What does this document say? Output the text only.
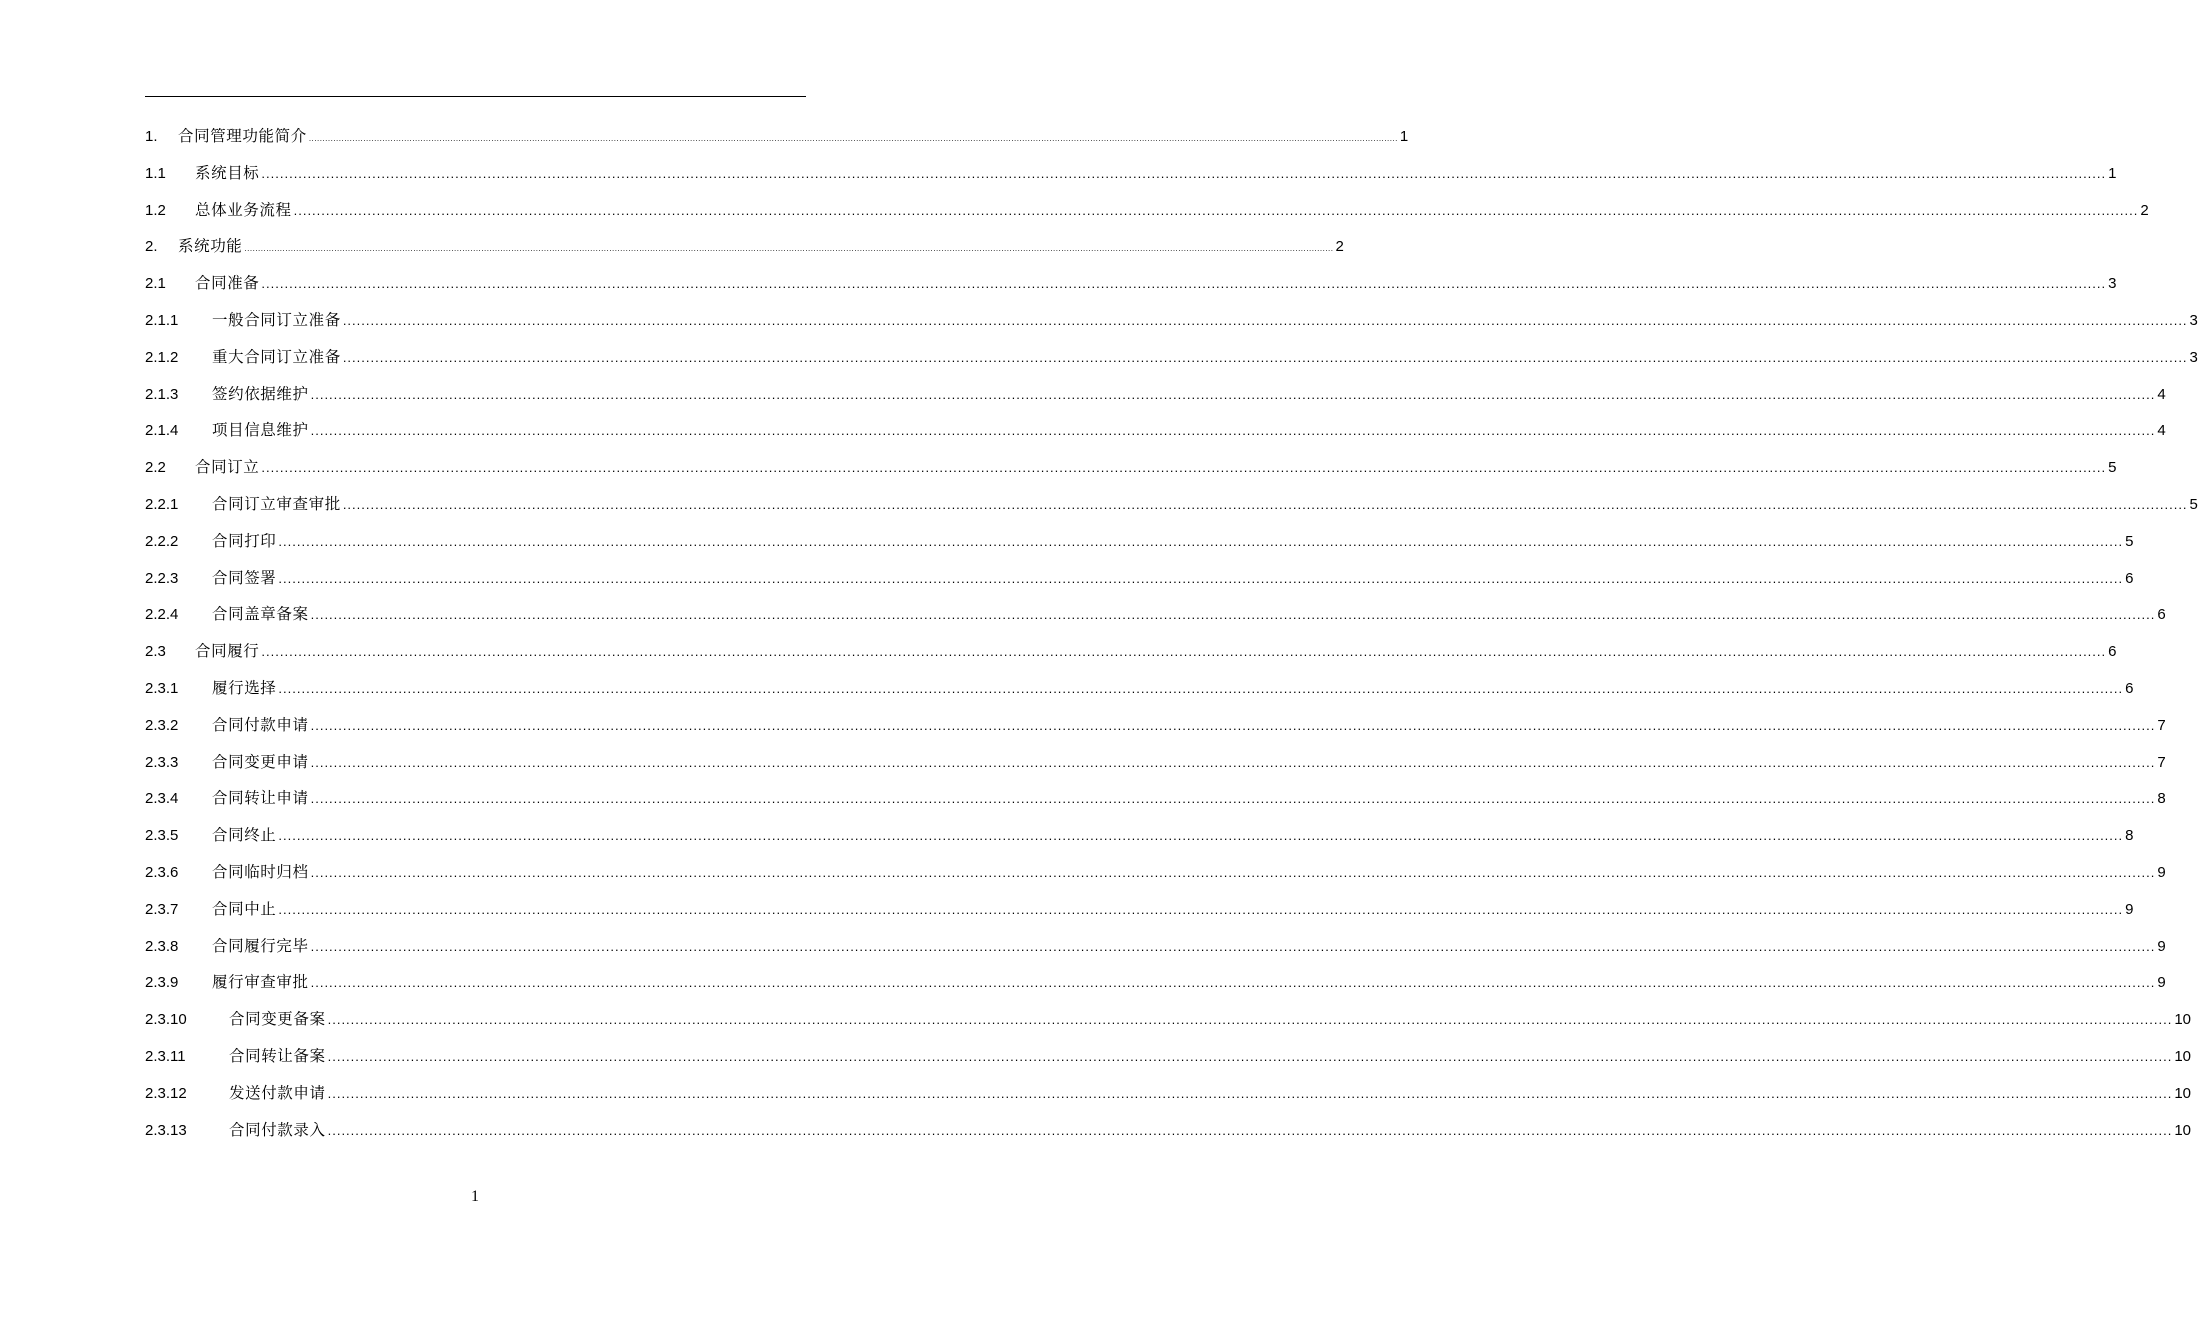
1.	合同管理功能简介 ................................................................................................................................................................................................................................................................................................................................................................................................................ 1
1.1	系统目标 ................................................................................................................................................................................................................................................................................................................................................................................................................ 1
1.2	总体业务流程 ................................................................................................................................................................................................................................................................................................................................................................................................................ 2
2.	系统功能 ................................................................................................................................................................................................................................................................................................................................................................................................................ 2
2.1	合同准备 ................................................................................................................................................................................................................................................................................................................................................................................................................ 3
2.1.1	一般合同订立准备 ................................................................................................................................................................................................................................................................................................................................................................................................................ 3
2.1.2	重大合同订立准备 ................................................................................................................................................................................................................................................................................................................................................................................................................ 3
2.1.3	签约依据维护 ................................................................................................................................................................................................................................................................................................................................................................................................................ 4
2.1.4	项目信息维护 ................................................................................................................................................................................................................................................................................................................................................................................................................ 4
2.2	合同订立 ................................................................................................................................................................................................................................................................................................................................................................................................................ 5
2.2.1	合同订立审查审批 ................................................................................................................................................................................................................................................................................................................................................................................................................ 5
2.2.2	合同打印 ................................................................................................................................................................................................................................................................................................................................................................................................................ 5
2.2.3	合同签署 ................................................................................................................................................................................................................................................................................................................................................................................................................ 6
2.2.4	合同盖章备案 ................................................................................................................................................................................................................................................................................................................................................................................................................ 6
2.3	合同履行 ................................................................................................................................................................................................................................................................................................................................................................................................................ 6
2.3.1	履行选择 ................................................................................................................................................................................................................................................................................................................................................................................................................ 6
2.3.2	合同付款申请 ................................................................................................................................................................................................................................................................................................................................................................................................................ 7
2.3.3	合同变更申请 ................................................................................................................................................................................................................................................................................................................................................................................................................ 7
2.3.4	合同转让申请 ................................................................................................................................................................................................................................................................................................................................................................................................................ 8
2.3.5	合同终止 ................................................................................................................................................................................................................................................................................................................................................................................................................ 8
2.3.6	合同临时归档 ................................................................................................................................................................................................................................................................................................................................................................................................................ 9
2.3.7	合同中止 ................................................................................................................................................................................................................................................................................................................................................................................................................ 9
2.3.8	合同履行完毕 ................................................................................................................................................................................................................................................................................................................................................................................................................ 9
2.3.9	履行审查审批 ................................................................................................................................................................................................................................................................................................................................................................................................................ 9
2.3.10	合同变更备案 ................................................................................................................................................................................................................................................................................................................................................................................................................ 10
2.3.11	合同转让备案 ................................................................................................................................................................................................................................................................................................................................................................................................................ 10
2.3.12	发送付款申请 ................................................................................................................................................................................................................................................................................................................................................................................................................ 10
2.3.13	合同付款录入 ................................................................................................................................................................................................................................................................................................................................................................................................................ 10
1
